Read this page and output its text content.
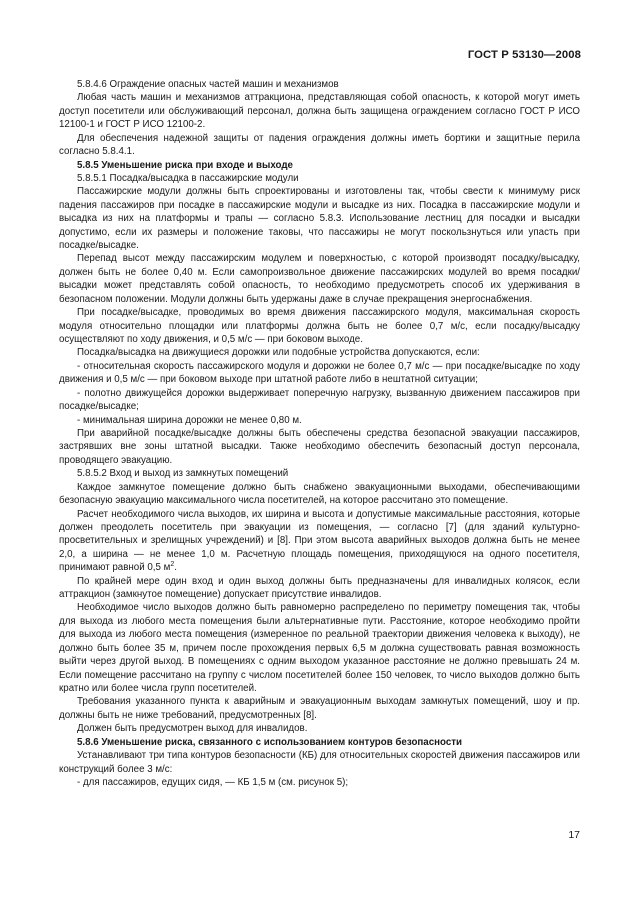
ГОСТ Р 53130—2008

5.8.4.6 Ограждение опасных частей машин и механизмов

Любая часть машин и механизмов аттракциона, представляющая собой опасность, к которой могут иметь доступ посетители или обслуживающий персонал, должна быть защищена ограждением согласно ГОСТ Р ИСО 12100-1 и ГОСТ Р ИСО 12100-2.

Для обеспечения надежной защиты от падения ограждения должны иметь бортики и защитные перила согласно 5.8.4.1.

5.8.5 Уменьшение риска при входе и выходе

5.8.5.1 Посадка/высадка в пассажирские модули

Пассажирские модули должны быть спроектированы и изготовлены так, чтобы свести к минимуму риск падения пассажиров при посадке в пассажирские модули и высадке из них. Посадка в пассажирские модули и высадка из них на платформы и трапы — согласно 5.8.3. Использование лестниц для посадки и высадки допустимо, если их размеры и положение таковы, что пассажиры не могут поскользнуться или упасть при посадке/высадке.

Перепад высот между пассажирским модулем и поверхностью, с которой производят посадку/высадку, должен быть не более 0,40 м. Если самопроизвольное движение пассажирских модулей во время посадки/высадки может представлять собой опасность, то необходимо предусмотреть способ их удерживания в безопасном положении. Модули должны быть удержаны даже в случае прекращения энергоснабжения.

При посадке/высадке, проводимых во время движения пассажирского модуля, максимальная скорость модуля относительно площадки или платформы должна быть не более 0,7 м/с, если посадку/высадку осуществляют по ходу движения, и 0,5 м/с — при боковом выходе.

Посадка/высадка на движущиеся дорожки или подобные устройства допускаются, если:

- относительная скорость пассажирского модуля и дорожки не более 0,7 м/с — при посадке/высадке по ходу движения и 0,5 м/с — при боковом выходе при штатной работе либо в нештатной ситуации;

- полотно движущейся дорожки выдерживает поперечную нагрузку, вызванную движением пассажиров при посадке/высадке;

- минимальная ширина дорожки не менее 0,80 м.

При аварийной посадке/высадке должны быть обеспечены средства безопасной эвакуации пассажиров, застрявших вне зоны штатной высадки. Также необходимо обеспечить безопасный доступ персонала, проводящего эвакуацию.

5.8.5.2 Вход и выход из замкнутых помещений

Каждое замкнутое помещение должно быть снабжено эвакуационными выходами, обеспечивающими безопасную эвакуацию максимального числа посетителей, на которое рассчитано это помещение.

Расчет необходимого числа выходов, их ширина и высота и допустимые максимальные расстояния, которые должен преодолеть посетитель при эвакуации из помещения, — согласно [7] (для зданий культурно-просветительных и зрелищных учреждений) и [8]. При этом высота аварийных выходов должна быть не менее 2,0, а ширина — не менее 1,0 м. Расчетную площадь помещения, приходящуюся на одного посетителя, принимают равной 0,5 $м^2$.

По крайней мере один вход и один выход должны быть предназначены для инвалидных колясок, если аттракцион (замкнутое помещение) допускает присутствие инвалидов.

Необходимое число выходов должно быть равномерно распределено по периметру помещения так, чтобы для выхода из любого места помещения были альтернативные пути. Расстояние, которое необходимо пройти для выхода из любого места помещения (измеренное по реальной траектории движения человека к выходу), не должно быть более 35 м, причем после прохождения первых 6,5 м должна существовать равная возможность выйти через другой выход. В помещениях с одним выходом указанное расстояние не должно превышать 24 м. Если помещение рассчитано на группу с числом посетителей более 150 человек, то число выходов должно быть кратно или более числа групп посетителей.

Требования указанного пункта к аварийным и эвакуационным выходам замкнутых помещений, шоу и пр. должны быть не ниже требований, предусмотренных [8].

Должен быть предусмотрен выход для инвалидов.

5.8.6 Уменьшение риска, связанного с использованием контуров безопасности

Устанавливают три типа контуров безопасности (КБ) для относительных скоростей движения пассажиров или конструкций более 3 м/с:

- для пассажиров, едущих сидя, — КБ 1,5 м (см. рисунок 5);

17
